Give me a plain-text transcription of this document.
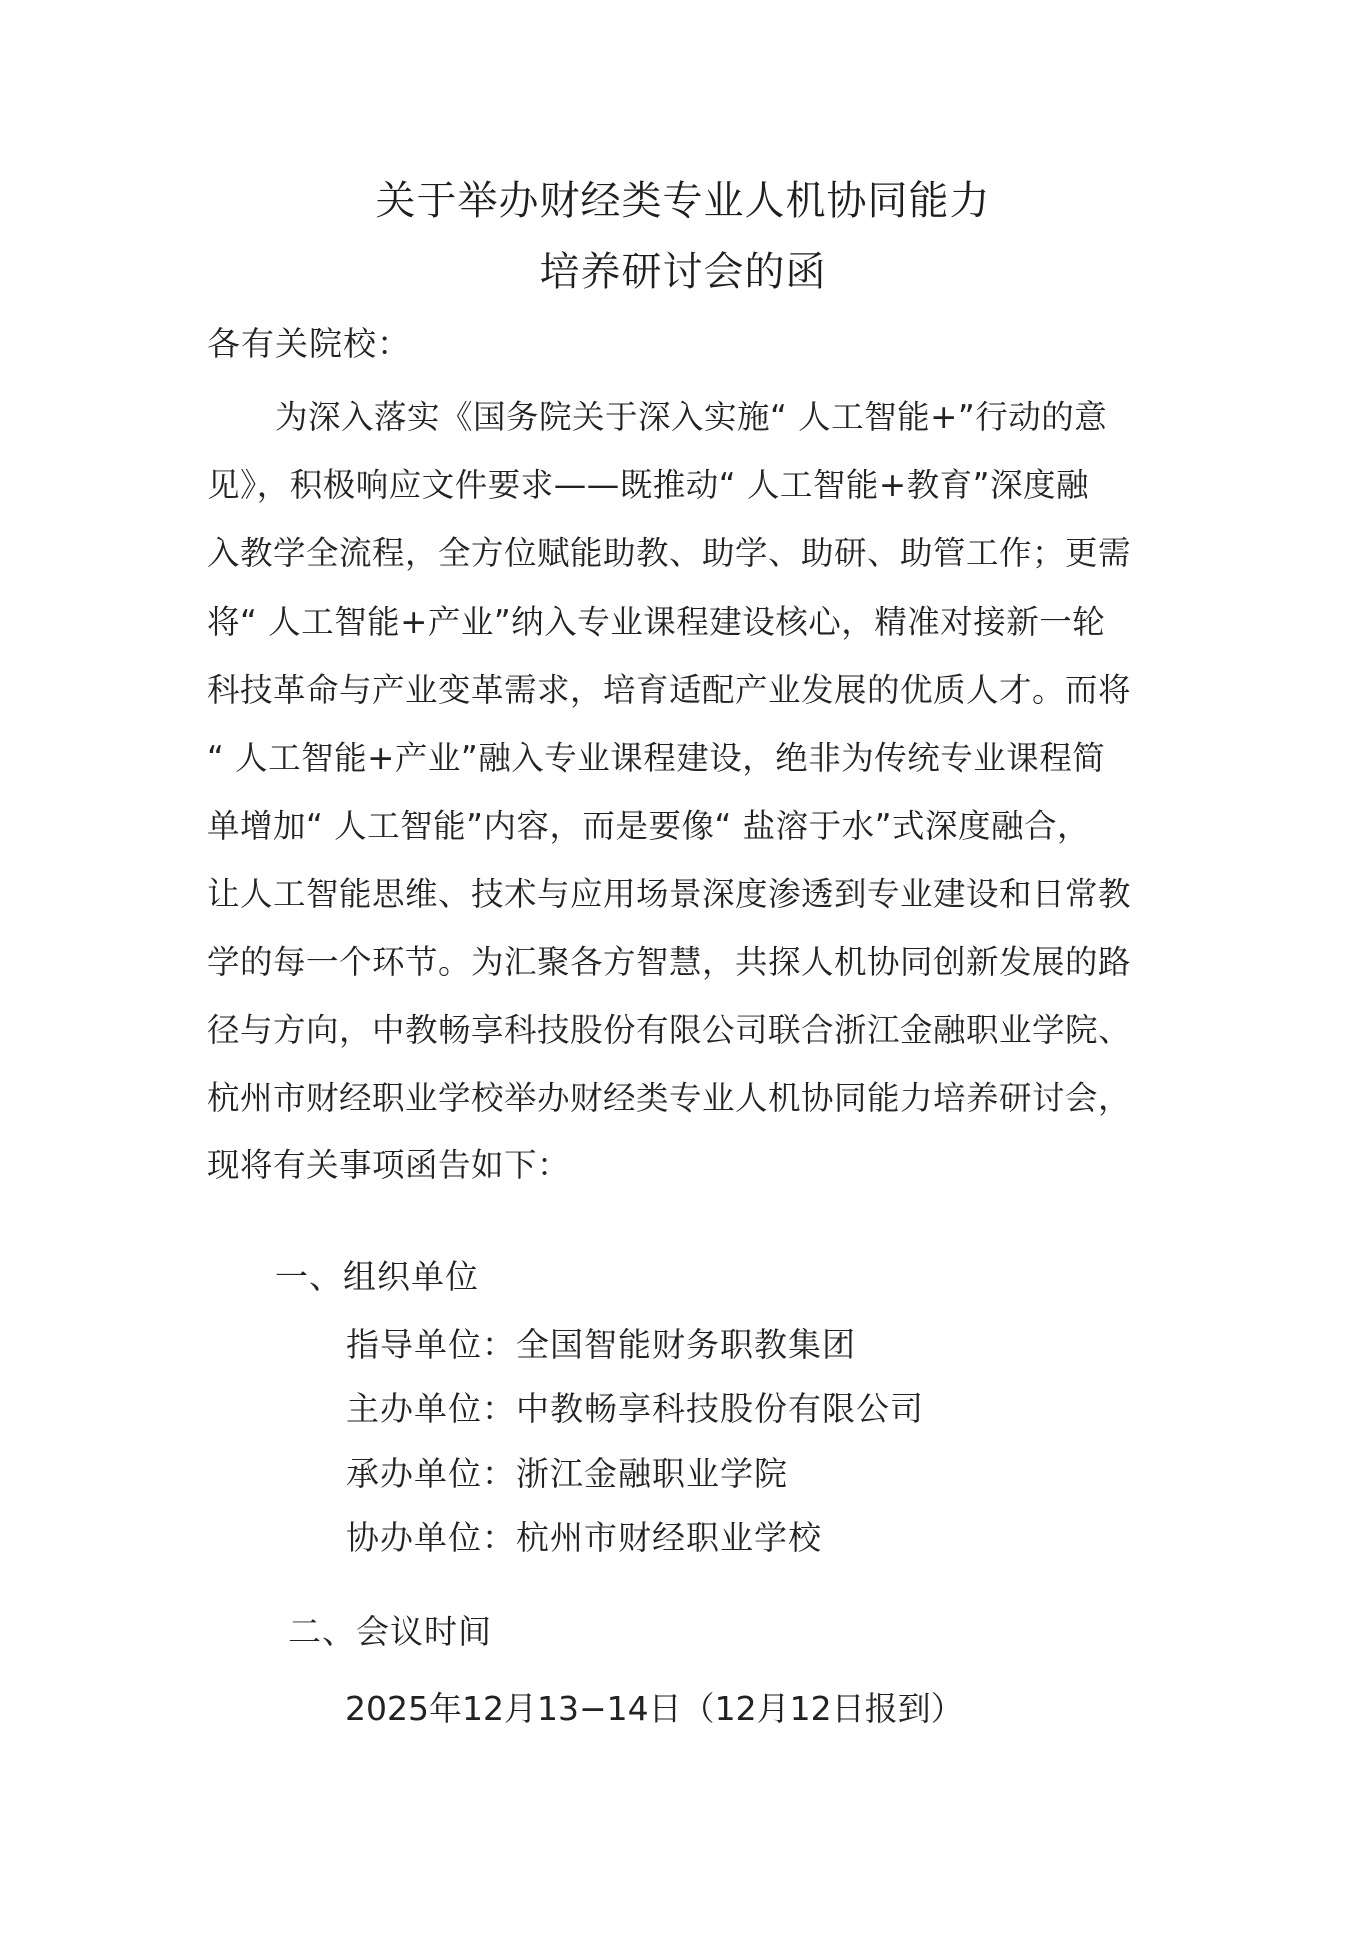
关于举办财经类专业人机协同能力
培养研讨会的函
各有关院校：
为深入落实《国务院关于深入实施“ 人工智能+”行动的意
见》，积极响应文件要求——既推动“ 人工智能+教育”深度融
入教学全流程，全方位赋能助教、助学、助研、助管工作；更需
将“ 人工智能+产业”纳入专业课程建设核心，精准对接新一轮
科技革命与产业变革需求，培育适配产业发展的优质人才。而将
“ 人工智能+产业”融入专业课程建设，绝非为传统专业课程简
单增加“ 人工智能”内容，而是要像“ 盐溶于水”式深度融合，
让人工智能思维、技术与应用场景深度渗透到专业建设和日常教
学的每一个环节。为汇聚各方智慧，共探人机协同创新发展的路
径与方向，中教畅享科技股份有限公司联合浙江金融职业学院、
杭州市财经职业学校举办财经类专业人机协同能力培养研讨会，
现将有关事项函告如下：
一、组织单位
指导单位：全国智能财务职教集团
主办单位：中教畅享科技股份有限公司
承办单位：浙江金融职业学院
协办单位：杭州市财经职业学校
二、会议时间
2025年12月13−14日（12月12日报到）
